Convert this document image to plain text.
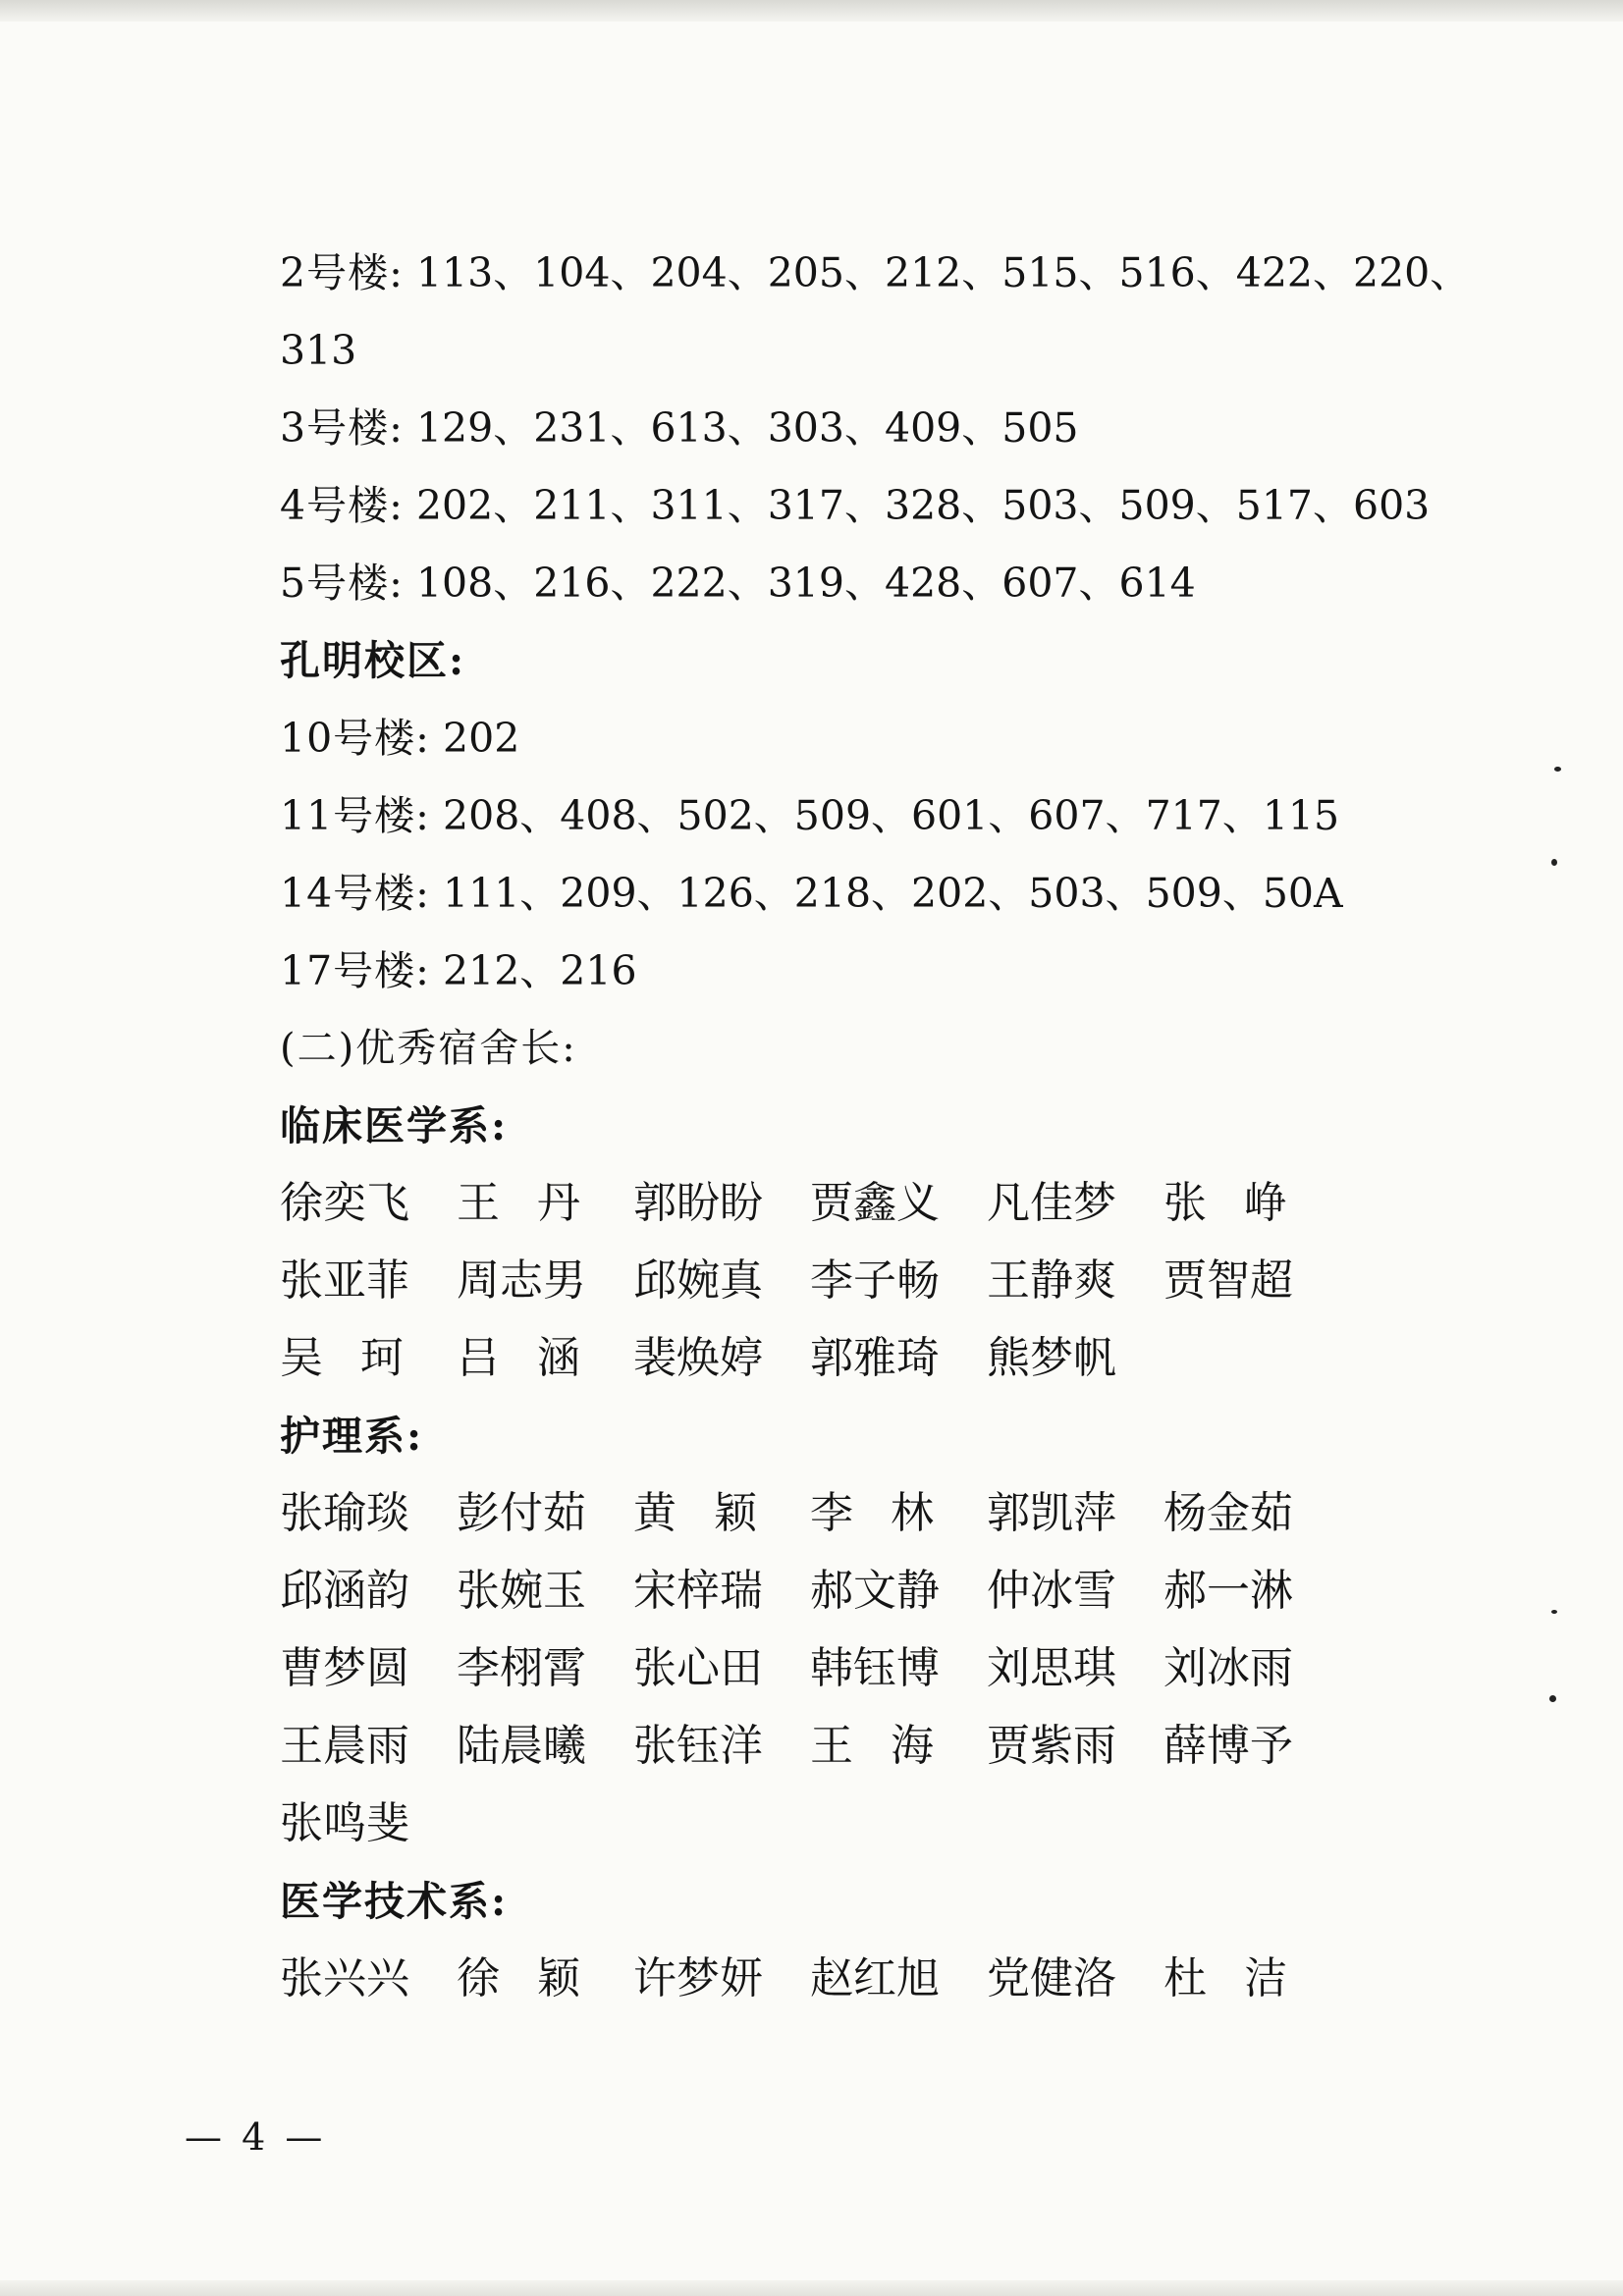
2号楼: 113、104、204、205、212、515、516、422、220、
313
3号楼: 129、231、613、303、409、505
4号楼: 202、211、311、317、328、503、509、517、603
5号楼: 108、216、222、319、428、607、614
孔明校区:
10号楼: 202
11号楼: 208、408、502、509、601、607、717、115
14号楼: 111、209、126、218、202、503、509、50A
17号楼: 212、216
(二)优秀宿舍长:
临床医学系:
徐 奕 飞 王 丹 郭 盼 盼 贾 鑫 义 凡 佳 梦 张 峥
张 亚 菲 周 志 男 邱 婉 真 李 子 畅 王 静 爽 贾 智 超
吴 珂 吕 涵 裴 焕 婷 郭 雅 琦 熊 梦 帆
护理系:
张 瑜 琰 彭 付 茹 黄 颖 李 林 郭 凯 萍 杨 金 茹
邱 涵 韵 张 婉 玉 宋 梓 瑞 郝 文 静 仲 冰 雪 郝 一 淋
曹 梦 圆 李 栩 霄 张 心 田 韩 钰 博 刘 思 琪 刘 冰 雨
王 晨 雨 陆 晨 曦 张 钰 洋 王 海 贾 紫 雨 薛 博 予
张 鸣 斐
医学技术系:
张 兴 兴 徐 颖 许 梦 妍 赵 红 旭 党 健 洛 杜 洁
— 4 —
